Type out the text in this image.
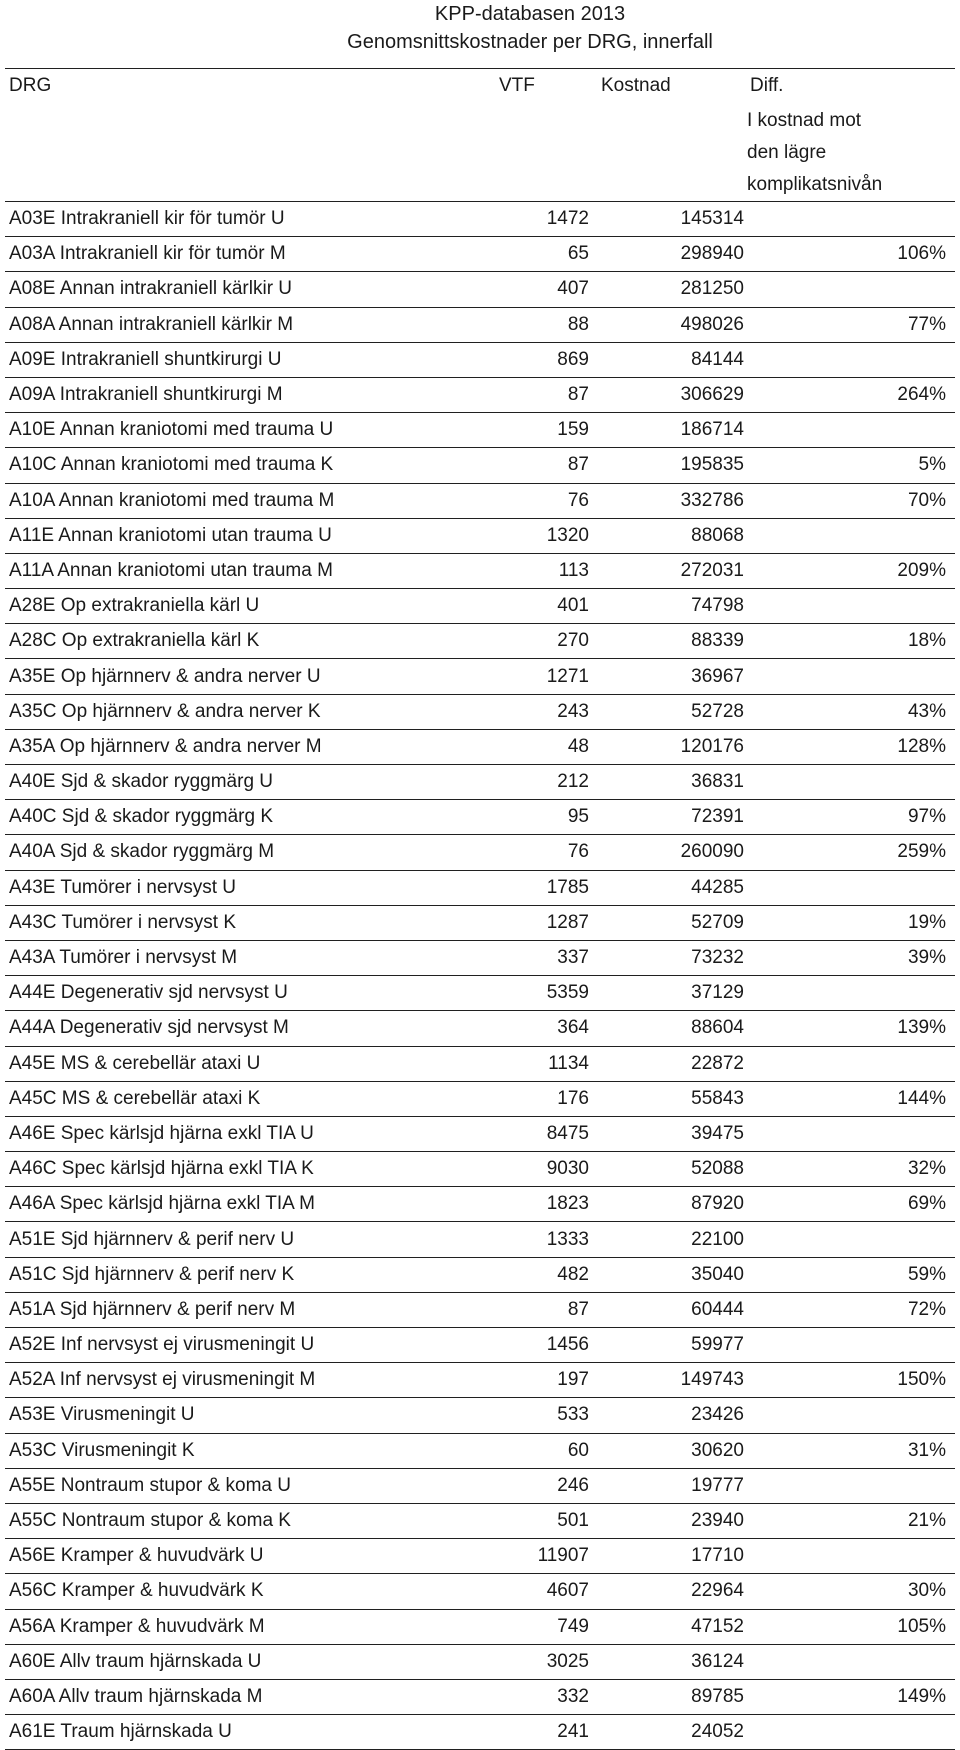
KPP-databasen 2013
Genomsnittskostnader per DRG, innerfall
DRG	VTF	Kostnad	Diff.
I kostnad mot
den lägre
komplikatsnivån
A03E Intrakraniell kir för tumör U	1472	145314
A03A Intrakraniell kir för tumör M	65	298940	106%
A08E Annan intrakraniell kärlkir U	407	281250
A08A Annan intrakraniell kärlkir M	88	498026	77%
A09E Intrakraniell shuntkirurgi U	869	84144
A09A Intrakraniell shuntkirurgi M	87	306629	264%
A10E Annan kraniotomi med trauma U	159	186714
A10C Annan kraniotomi med trauma K	87	195835	5%
A10A Annan kraniotomi med trauma M	76	332786	70%
A11E Annan kraniotomi utan trauma U	1320	88068
A11A Annan kraniotomi utan trauma M	113	272031	209%
A28E Op extrakraniella kärl U	401	74798
A28C Op extrakraniella kärl K	270	88339	18%
A35E Op hjärnnerv & andra nerver U	1271	36967
A35C Op hjärnnerv & andra nerver K	243	52728	43%
A35A Op hjärnnerv & andra nerver M	48	120176	128%
A40E Sjd & skador ryggmärg U	212	36831
A40C Sjd & skador ryggmärg K	95	72391	97%
A40A Sjd & skador ryggmärg M	76	260090	259%
A43E Tumörer i nervsyst U	1785	44285
A43C Tumörer i nervsyst K	1287	52709	19%
A43A Tumörer i nervsyst M	337	73232	39%
A44E Degenerativ sjd nervsyst U	5359	37129
A44A Degenerativ sjd nervsyst M	364	88604	139%
A45E MS & cerebellär ataxi U	1134	22872
A45C MS & cerebellär ataxi K	176	55843	144%
A46E Spec kärlsjd hjärna exkl TIA U	8475	39475
A46C Spec kärlsjd hjärna exkl TIA K	9030	52088	32%
A46A Spec kärlsjd hjärna exkl TIA M	1823	87920	69%
A51E Sjd hjärnnerv & perif nerv U	1333	22100
A51C Sjd hjärnnerv & perif nerv K	482	35040	59%
A51A Sjd hjärnnerv & perif nerv M	87	60444	72%
A52E Inf nervsyst ej virusmeningit U	1456	59977
A52A Inf nervsyst ej virusmeningit M	197	149743	150%
A53E Virusmeningit U	533	23426
A53C Virusmeningit K	60	30620	31%
A55E Nontraum stupor & koma U	246	19777
A55C Nontraum stupor & koma K	501	23940	21%
A56E Kramper & huvudvärk U	11907	17710
A56C Kramper & huvudvärk K	4607	22964	30%
A56A Kramper & huvudvärk M	749	47152	105%
A60E Allv traum hjärnskada U	3025	36124
A60A Allv traum hjärnskada M	332	89785	149%
A61E Traum hjärnskada U	241	24052
